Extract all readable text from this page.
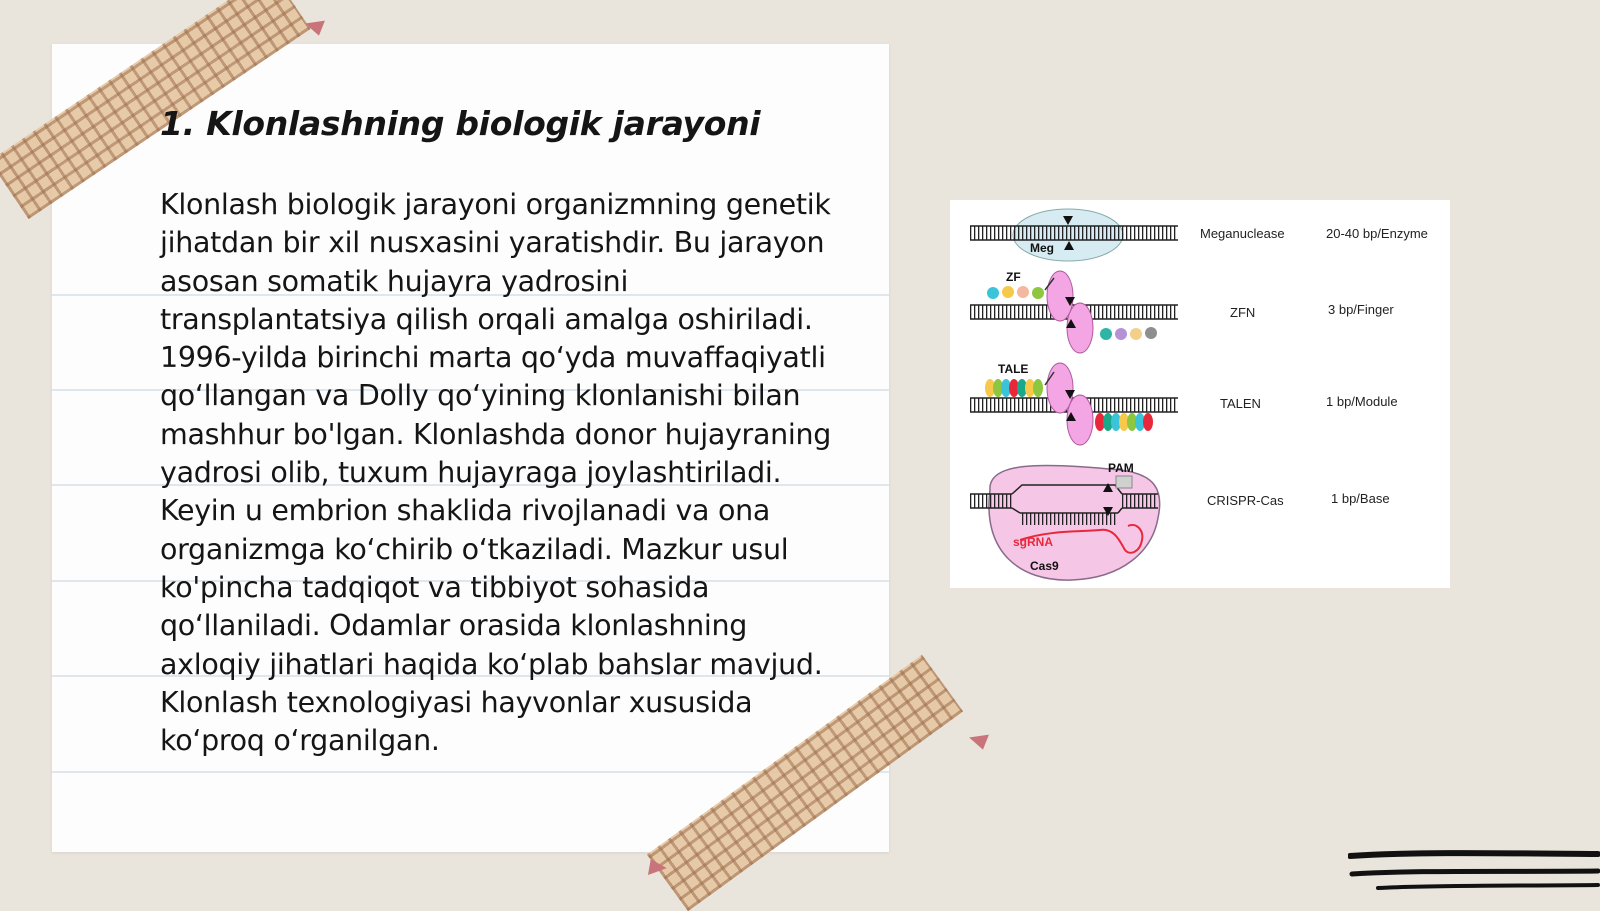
1. Klonlashning biologik jarayoni

Klonlash biologik jarayoni organizmning genetik jihatdan bir xil nusxasini yaratishdir. Bu jarayon asosan somatik hujayra yadrosini transplantatsiya qilish orqali amalga oshiriladi. 1996-yilda birinchi marta qo‘yda muvaffaqiyatli qo‘llangan va Dolly qo‘yining klonlanishi bilan mashhur bo'lgan. Klonlashda donor hujayraning yadrosi olib, tuxum hujayraga joylashtiriladi. Keyin u embrion shaklida rivojlanadi va ona organizmga ko‘chirib o‘tkaziladi. Mazkur usul ko'pincha tadqiqot va tibbiyot sohasida qo‘llaniladi. Odamlar orasida klonlashning axloqiy jihatlari haqida ko‘plab bahslar mavjud. Klonlash texnologiyasi hayvonlar xususida ko‘proq o‘rganilgan.

Meg
Meganuclease	20-40 bp/Enzyme
ZF
ZFN	3 bp/Finger
TALE
TALEN	1 bp/Module
PAM
sgRNA
Cas9
CRISPR-Cas	1 bp/Base
